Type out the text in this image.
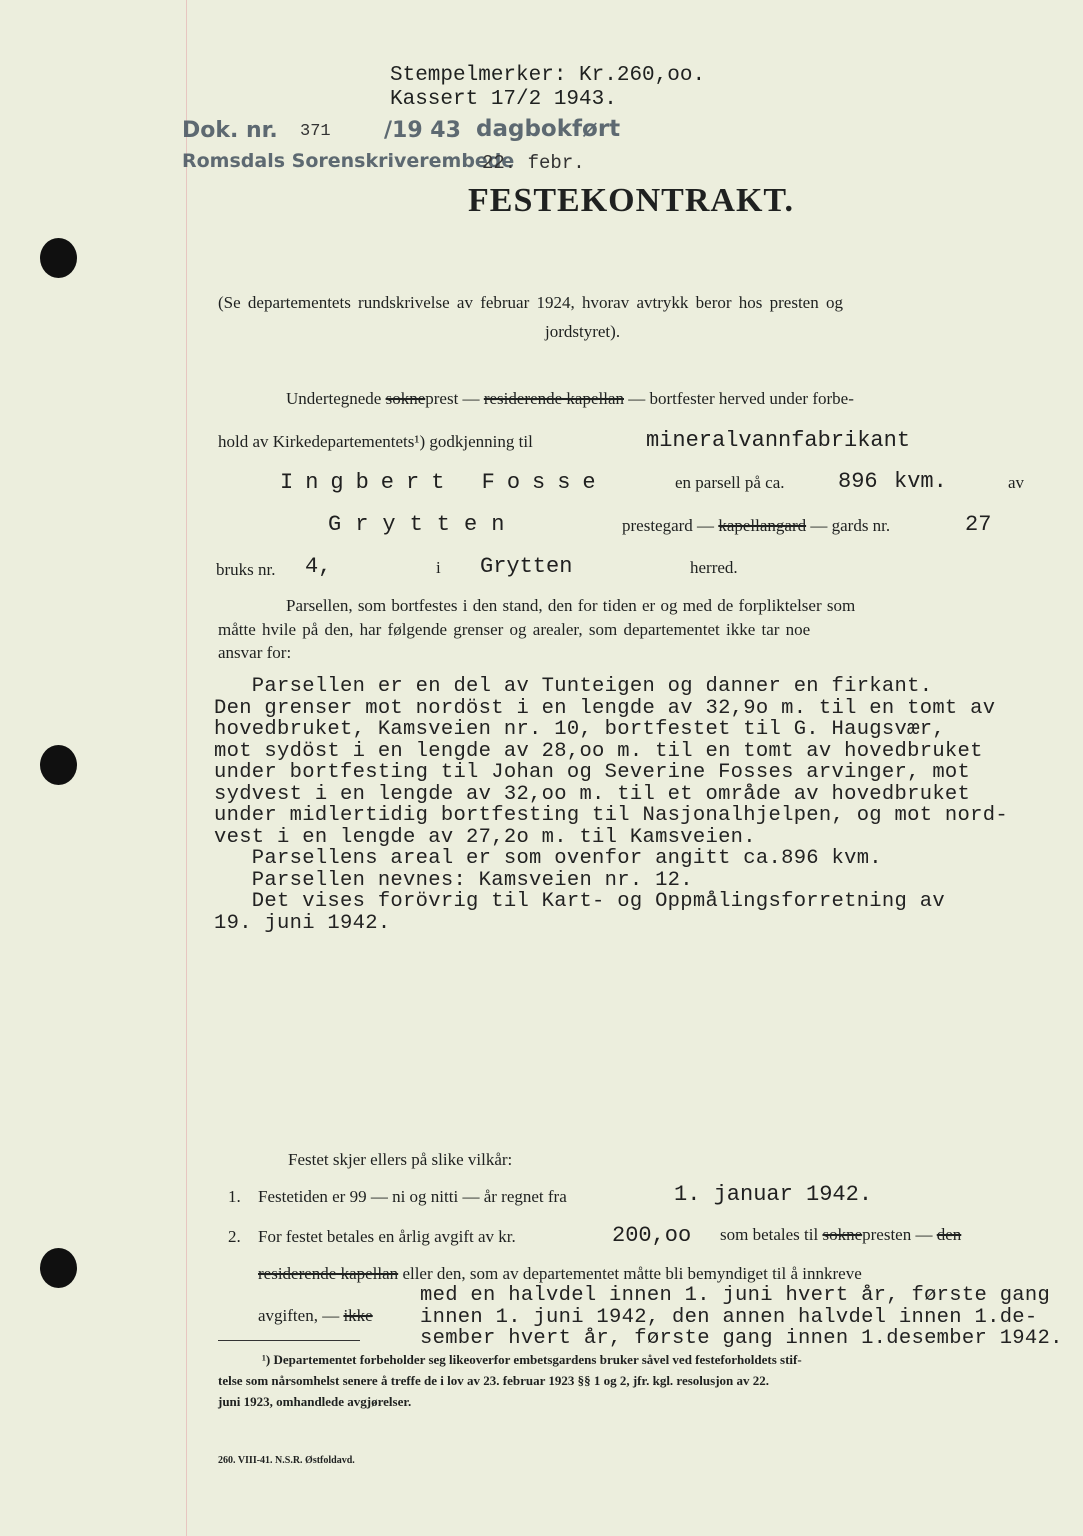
Stempelmerker: Kr.260,oo.
Kassert 17/2 1943.
Dok. nr. 371 /19 43 dagbokført
Romsdals Sorenskriverembede
22. febr.
FESTEKONTRAKT.
(Se departementets rundskrivelse av februar 1924, hvorav avtrykk beror hos presten og
jordstyret).
Undertegnede sokneprest — residerende kapellan — bortfester herved under forbe-
hold av Kirkedepartementets¹) godkjenning til	mineralvannfabrikant
Ingbert Fosse	en parsell på ca. 896 kvm.	av
Grytten	prestegard — kapellangard — gards nr.	27
bruks nr. 4,	i Grytten	herred.
Parsellen, som bortfestes i den stand, den for tiden er og med de forpliktelser som
måtte hvile på den, har følgende grenser og arealer, som departementet ikke tar noe
ansvar for:
Parsellen er en del av Tunteigen og danner en firkant.
Den grenser mot nordöst i en lengde av 32,9o m. til en tomt av
hovedbruket, Kamsveien nr. 10, bortfestet til G. Haugsvær,
mot sydöst i en lengde av 28,oo m. til en tomt av hovedbruket
under bortfesting til Johan og Severine Fosses arvinger, mot
sydvest i en lengde av 32,oo m. til et område av hovedbruket
under midlertidig bortfesting til Nasjonalhjelpen, og mot nord-
vest i en lengde av 27,2o m. til Kamsveien.
Parsellens areal er som ovenfor angitt ca.896 kvm.
Parsellen nevnes: Kamsveien nr. 12.
Det vises forövrig til Kart- og Oppmålingsforretning av
19. juni 1942.
Festet skjer ellers på slike vilkår:
1. Festetiden er 99 — ni og nitti — år regnet fra	1. januar 1942.
2. For festet betales en årlig avgift av kr.	200,oo som betales til soknepresten — den
residerende kapellan eller den, som av departementet måtte bli bemyndiget til å innkreve
avgiften, — ikke
med en halvdel innen 1. juni hvert år, første gang
innen 1. juni 1942, den annen halvdel innen 1.de-
sember hvert år, første gang innen 1.desember 1942.
¹) Departementet forbeholder seg likeoverfor embetsgardens bruker såvel ved festeforholdets stif-
telse som nårsomhelst senere å treffe de i lov av 23. februar 1923 §§ 1 og 2, jfr. kgl. resolusjon av 22.
juni 1923, omhandlede avgjørelser.
260. VIII-41. N.S.R. Østfoldavd.
